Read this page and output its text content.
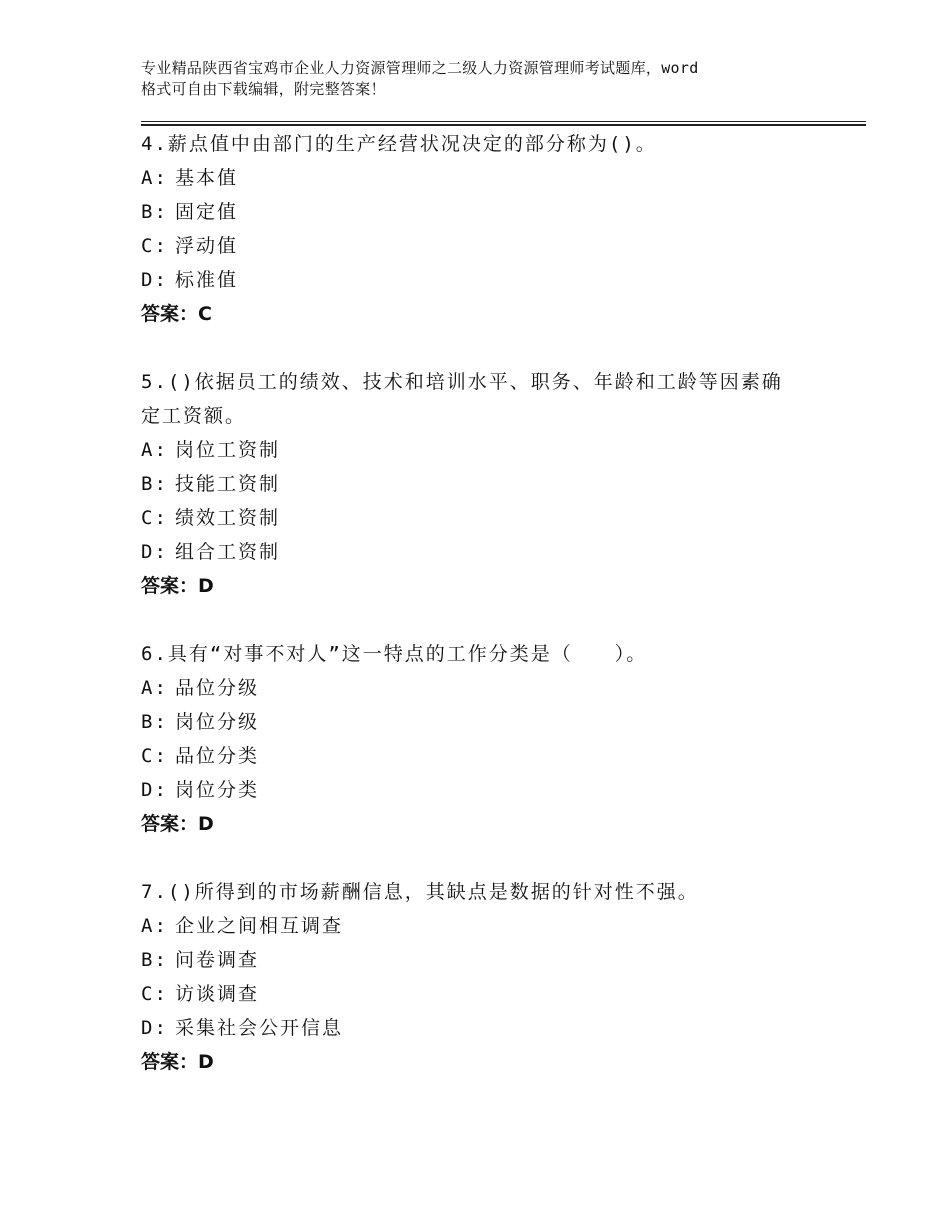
专业精品陕西省宝鸡市企业人力资源管理师之二级人力资源管理师考试题库，word
格式可自由下载编辑，附完整答案！
4.薪点值中由部门的生产经营状况决定的部分称为()。
A: 基本值
B: 固定值
C: 浮动值
D: 标准值
答案：C
5.()依据员工的绩效、技术和培训水平、职务、年龄和工龄等因素确
定工资额。
A: 岗位工资制
B: 技能工资制
C: 绩效工资制
D: 组合工资制
答案：D
6.具有“对事不对人”这一特点的工作分类是（　　）。
A: 品位分级
B: 岗位分级
C: 品位分类
D: 岗位分类
答案：D
7.()所得到的市场薪酬信息，其缺点是数据的针对性不强。
A: 企业之间相互调查
B: 问卷调查
C: 访谈调查
D: 采集社会公开信息
答案：D
